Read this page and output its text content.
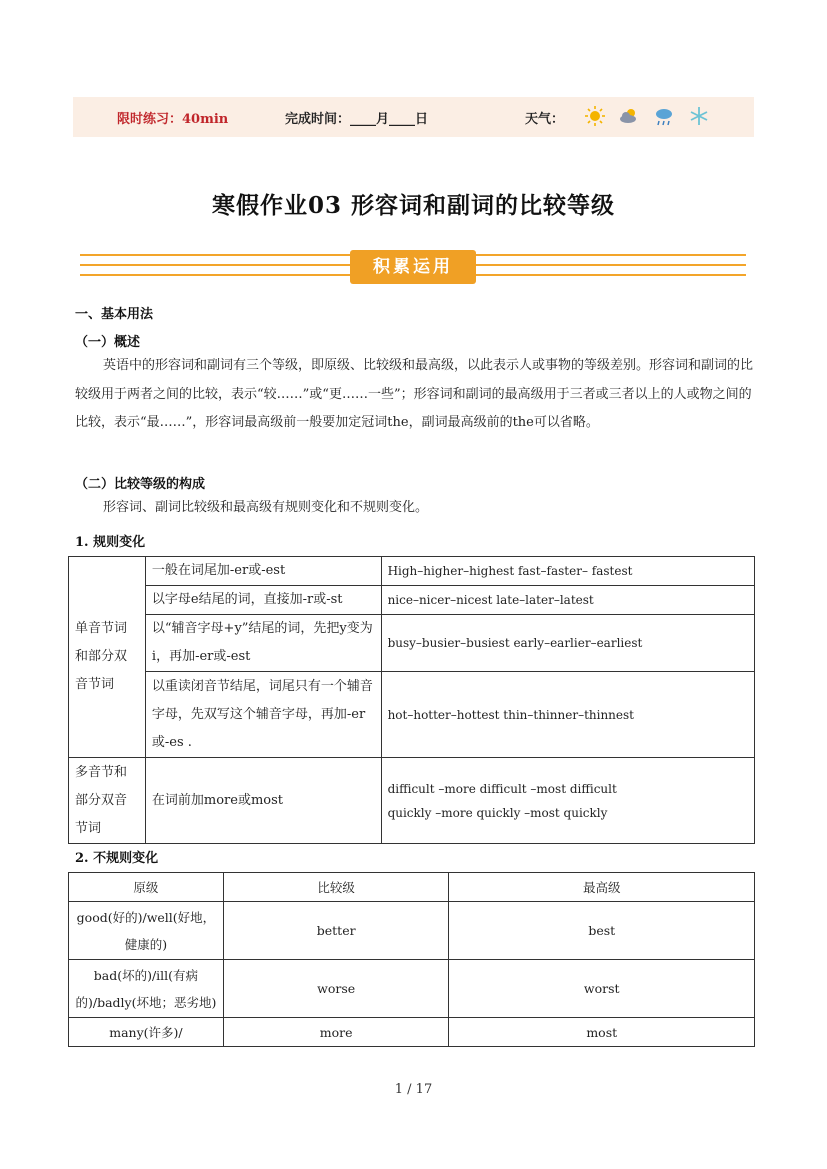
限时练习：40min	完成时间：____月____日	天气：
寒假作业03 形容词和副词的比较等级
积累运用
一、基本用法
（一）概述

英语中的形容词和副词有三个等级，即原级、比较级和最高级，以此表示人或事物的等级差别。形容词和副词的比较级用于两者之间的比较，表示“较……”或“更……一些”；形容词和副词的最高级用于三者或三者以上的人或物之间的比较，表示“最……”，形容词最高级前一般要加定冠词the，副词最高级前的the可以省略。

（二）比较等级的构成
形容词、副词比较级和最高级有规则变化和不规则变化。
1. 规则变化
单音节词和部分双音节词	一般在词尾加-er或-est	High–higher–highest fast–faster– fastest
	以字母e结尾的词，直接加-r或-st	nice–nicer–nicest late–later–latest
	以“辅音字母+y”结尾的词，先把y变为i，再加-er或-est	busy–busier–busiest early–earlier–earliest
	以重读闭音节结尾，词尾只有一个辅音字母，先双写这个辅音字母，再加-er或-es .	hot–hotter–hottest thin–thinner–thinnest
多音节和部分双音节词	在词前加more或most	difficult –more difficult –most difficult
quickly –more quickly –most quickly
2. 不规则变化
原级	比较级	最高级
good(好的)/well(好地，健康的)	better	best
bad(坏的)/ill(有病的)/badly(坏地；恶劣地)	worse	worst
many(许多)/	more	most
1 / 17
